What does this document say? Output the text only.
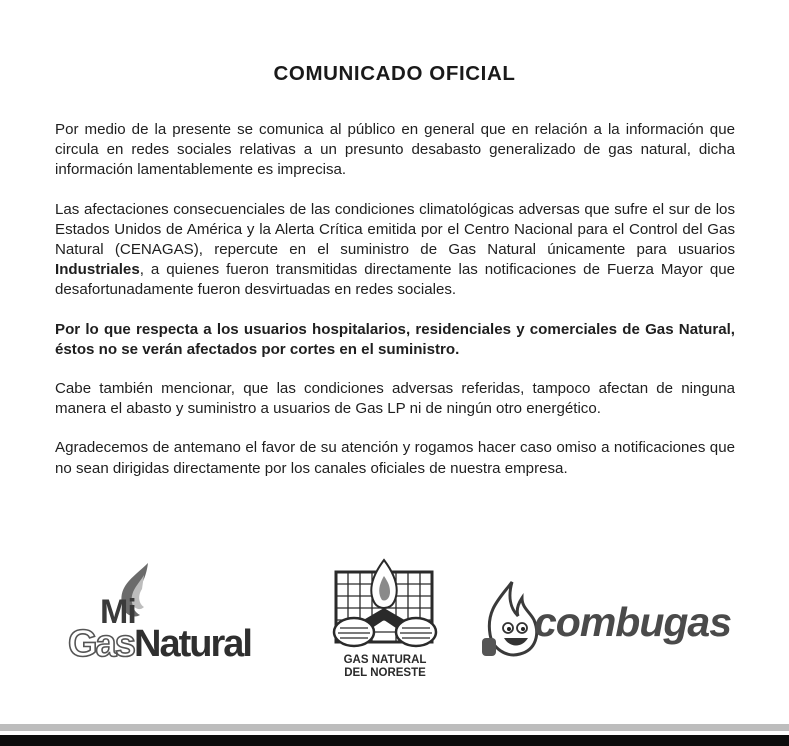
COMUNICADO OFICIAL

Por medio de la presente se comunica al público en general que en relación a la información que circula en redes sociales relativas a un presunto desabasto generalizado de gas natural, dicha información lamentablemente es imprecisa.

Las afectaciones consecuenciales de las condiciones climatológicas adversas que sufre el sur de los Estados Unidos de América y la Alerta Crítica emitida por el Centro Nacional para el Control del Gas Natural (CENAGAS), repercute en el suministro de Gas Natural únicamente para usuarios Industriales, a quienes fueron transmitidas directamente las notificaciones de Fuerza Mayor que desafortunadamente fueron desvirtuadas en redes sociales.

Por lo que respecta a los usuarios hospitalarios, residenciales y comerciales de Gas Natural, éstos no se verán afectados por cortes en el suministro.

Cabe también mencionar, que las condiciones adversas referidas, tampoco afectan de ninguna manera el abasto y suministro a usuarios de Gas LP ni de ningún otro energético.

Agradecemos de antemano el favor de su atención y rogamos hacer caso omiso a notificaciones que no sean dirigidas directamente por los canales oficiales de nuestra empresa.

Mi
Gas Natural	GAS NATURAL
DEL NORESTE
combugas
